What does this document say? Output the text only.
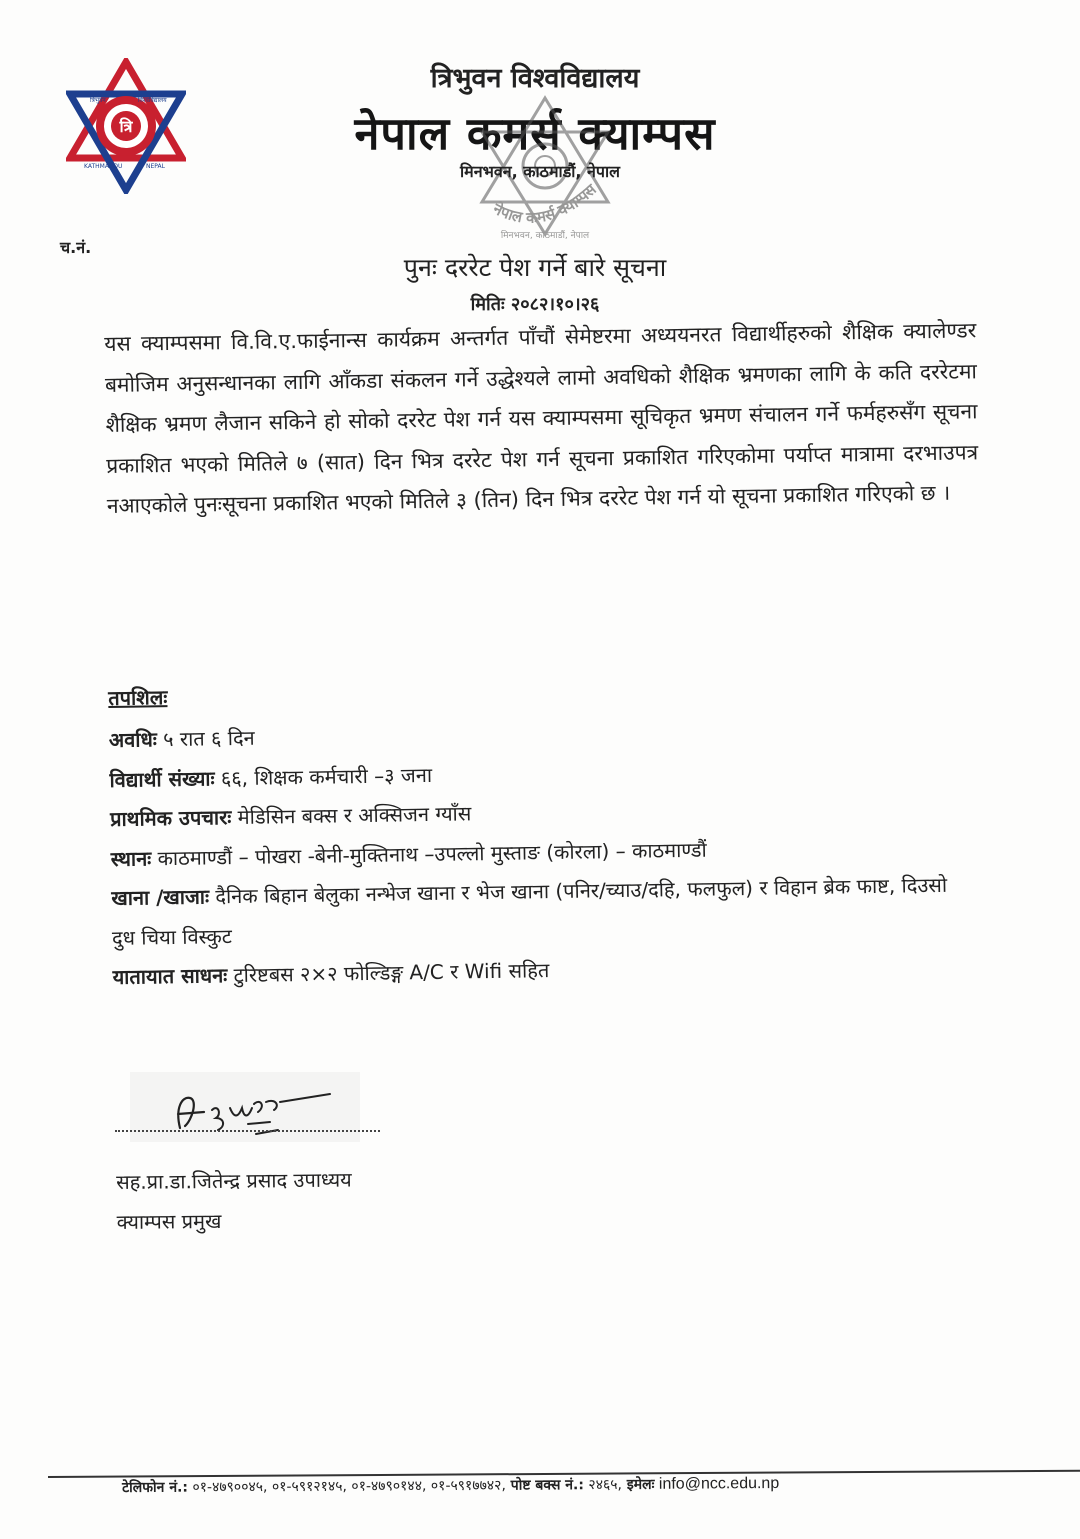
त्रि
त्रिभुवन	विश्वविद्यालय
KATHMANDU	NEPAL
त्रिभुवन विश्वविद्यालय
नेपाल कमर्स क्याम्पस
नेपाल कमर्स क्याम्पस
मिनभवन, काठमाडौं, नेपाल
मिनभवन, काठमाडौं, नेपाल
च.नं.
पुनः दररेट पेश गर्ने बारे सूचना
मितिः २०८२।१०।२६
यस क्याम्पसमा वि.वि.ए.फाईनान्स कार्यक्रम अन्तर्गत पाँचौं सेमेष्टरमा अध्ययनरत विद्यार्थीहरुको शैक्षिक क्यालेण्डर बमोजिम अनुसन्धानका लागि आँकडा संकलन गर्ने उद्धेश्यले लामो अवधिको शैक्षिक भ्रमणका लागि के कति दररेटमा शैक्षिक भ्रमण लैजान सकिने हो सोको दररेट पेश गर्न यस क्याम्पसमा सूचिकृत भ्रमण संचालन गर्ने फर्महरुसँग सूचना प्रकाशित भएको मितिले ७ (सात) दिन भित्र दररेट पेश गर्न सूचना प्रकाशित गरिएकोमा पर्याप्त मात्रामा दरभाउपत्र नआएकोले पुनःसूचना प्रकाशित भएको मितिले ३ (तिन) दिन भित्र दररेट पेश गर्न यो सूचना प्रकाशित गरिएको छ ।
तपशिलः
अवधिः ५ रात ६ दिन
विद्यार्थी संख्याः ६६, शिक्षक कर्मचारी –३ जना
प्राथमिक उपचारः मेडिसिन बक्स र अक्सिजन ग्याँस
स्थानः काठमाण्डौं – पोखरा -बेनी-मुक्तिनाथ –उपल्लो मुस्ताङ (कोरला) – काठमाण्डौं
खाना /खाजाः दैनिक बिहान बेलुका नन्भेज खाना र भेज खाना (पनिर/च्याउ/दहि, फलफुल) र विहान ब्रेक फाष्ट, दिउसो दुध चिया विस्कुट
यातायात साधनः टुरिष्टबस २×२ फोल्डिङ्ग A/C र Wifi सहित
सह.प्रा.डा.जितेन्द्र प्रसाद उपाध्यय
क्याम्पस प्रमुख
टेलिफोन नं.: ०१-४७९००४५, ०१-५९१२१४५, ०१-४७९०१४४, ०१-५९१७७४२, पोष्ट बक्स नं.: २४६५, इमेलः info@ncc.edu.np
